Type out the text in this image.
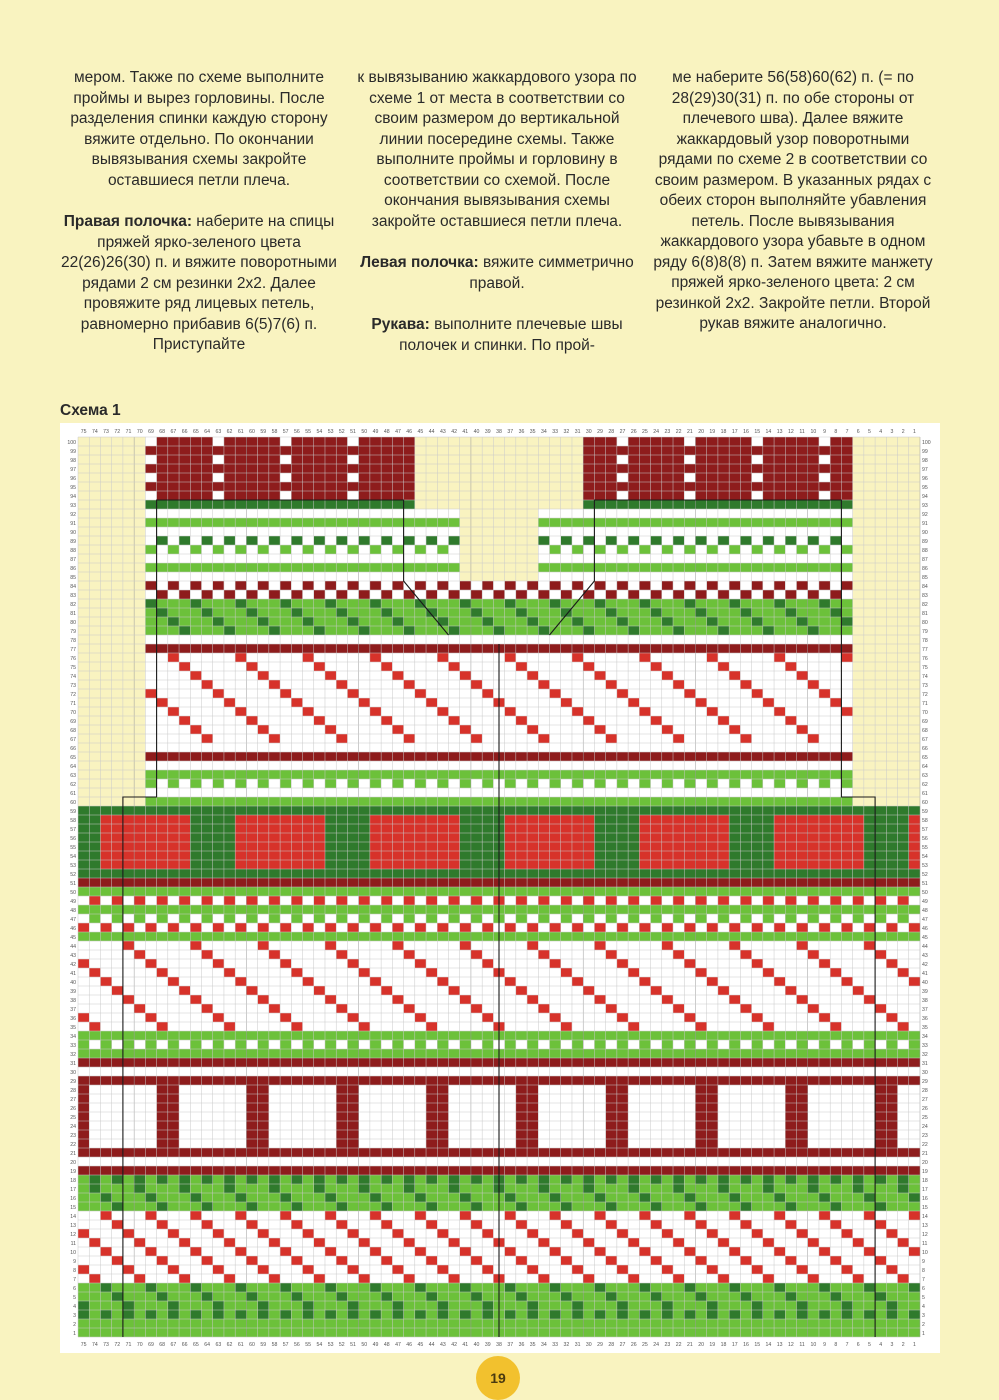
мером. Также по схеме выполните проймы и вырез горловины. После разделения спинки каждую сторону вяжите отдельно. По окончании вывязывания схемы закройте оставшиеся петли плеча.

Правая полочка: наберите на спицы пряжей ярко-зеленого цвета 22(26)26(30) п. и вяжите поворотными рядами 2 см резинки 2х2. Далее провяжите ряд лицевых петель, равномерно прибавив 6(5)7(6) п. Приступайте

к вывязыванию жаккардового узора по схеме 1 от места в соответствии со своим размером до вертикальной линии посередине схемы. Также выполните проймы и горловину в соответствии со схемой. После окончания вывязывания схемы закройте оставшиеся петли плеча.

Левая полочка: вяжите симметрично правой.

Рукава: выполните плечевые швы полочек и спинки. По прой-

ме наберите 56(58)60(62) п. (= по 28(29)30(31) п. по обе стороны от плечевого шва). Далее вяжите жаккардовый узор поворотными рядами по схеме 2 в соответствии со своим размером. В указанных рядах с обеих сторон выполняйте убавления петель. После вывязывания жаккардового узора убавьте в одном ряду 6(8)8(8) п. Затем вяжите манжету пряжей ярко-зеленого цвета: 2 см резинкой 2х2. Закройте петли. Второй рукав вяжите аналогично.

Схема 1
75
75
74
74
73
73
72
72
71
71
70
70
69
69
68
68
67
67
66
66
65
65
64
64
63
63
62
62
61
61
60
60
59
59
58
58
57
57
56
56
55
55
54
54
53
53
52
52
51
51
50
50
49
49
48
48
47
47
46
46
45
45
44
44
43
43
42
42
41
41
40
40
39
39
38
38
37
37
36
36
35
35
34
34
33
33
32
32
31
31
30
30
29
29
28
28
27
27
26
26
25
25
24
24
23
23
22
22
21
21
20
20
19
19
18
18
17
17
16
16
15
15
14
14
13
13
12
12
11
11
10
10
9
9
8
8
7
7
6
6
5
5
4
4
3
3
2
2
1
1
1	1
2	2
3	3
4	4
5	5
6	6
7	7
8	8
9	9
10	10
11	11
12	12
13	13
14	14
15	15
16	16
17	17
18	18
19	19
20	20
21	21
22	22
23	23
24	24
25	25
26	26
27	27
28	28
29	29
30	30
31	31
32	32
33	33
34	34
35	35
36	36
37	37
38	38
39	39
40	40
41	41
42	42
43	43
44	44
45	45
46	46
47	47
48	48
49	49
50	50
51	51
52	52
53	53
54	54
55	55
56	56
57	57
58	58
59	59
60	60
61	61
62	62
63	63
64	64
65	65
66	66
67	67
68	68
69	69
70	70
71	71
72	72
73	73
74	74
75	75
76	76
77	77
78	78
79	79
80	80
81	81
82	82
83	83
84	84
85	85
86	86
87	87
88	88
89	89
90	90
91	91
92	92
93	93
94	94
95	95
96	96
97	97
98	98
99	99
100	100
19
